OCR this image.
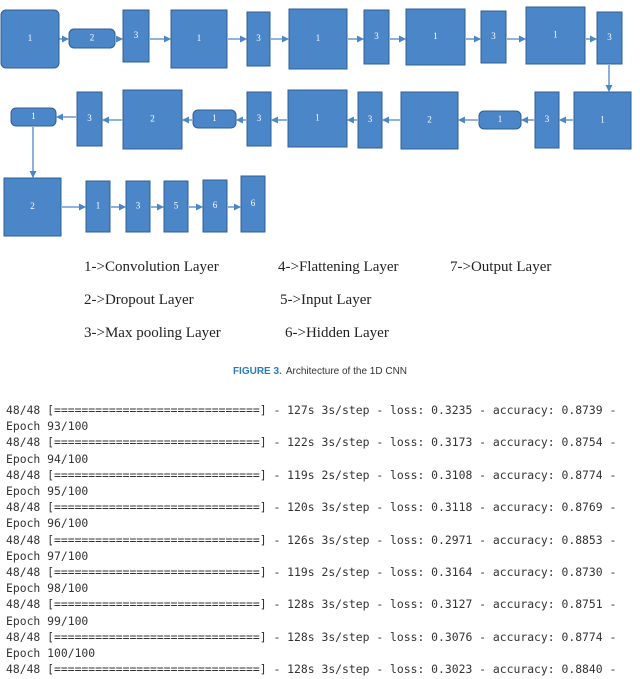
1	2	3	1	3	1	3	1	3	1	3
1
3
1
2
3
1
3
1
2
3
1
2	1	3	5	6	6
1->Convolution Layer	4->Flattening Layer	7->Output Layer
2->Dropout Layer	5->Input Layer
3->Max pooling Layer	6->Hidden Layer
FIGURE 3. Architecture of the 1D CNN
48/48 [==============================] - 127s 3s/step - loss: 0.3235 - accuracy: 0.8739 -
Epoch 93/100
48/48 [==============================] - 122s 3s/step - loss: 0.3173 - accuracy: 0.8754 -
Epoch 94/100
48/48 [==============================] - 119s 2s/step - loss: 0.3108 - accuracy: 0.8774 -
Epoch 95/100
48/48 [==============================] - 120s 3s/step - loss: 0.3118 - accuracy: 0.8769 -
Epoch 96/100
48/48 [==============================] - 126s 3s/step - loss: 0.2971 - accuracy: 0.8853 -
Epoch 97/100
48/48 [==============================] - 119s 2s/step - loss: 0.3164 - accuracy: 0.8730 -
Epoch 98/100
48/48 [==============================] - 128s 3s/step - loss: 0.3127 - accuracy: 0.8751 -
Epoch 99/100
48/48 [==============================] - 128s 3s/step - loss: 0.3076 - accuracy: 0.8774 -
Epoch 100/100
48/48 [==============================] - 128s 3s/step - loss: 0.3023 - accuracy: 0.8840 -
